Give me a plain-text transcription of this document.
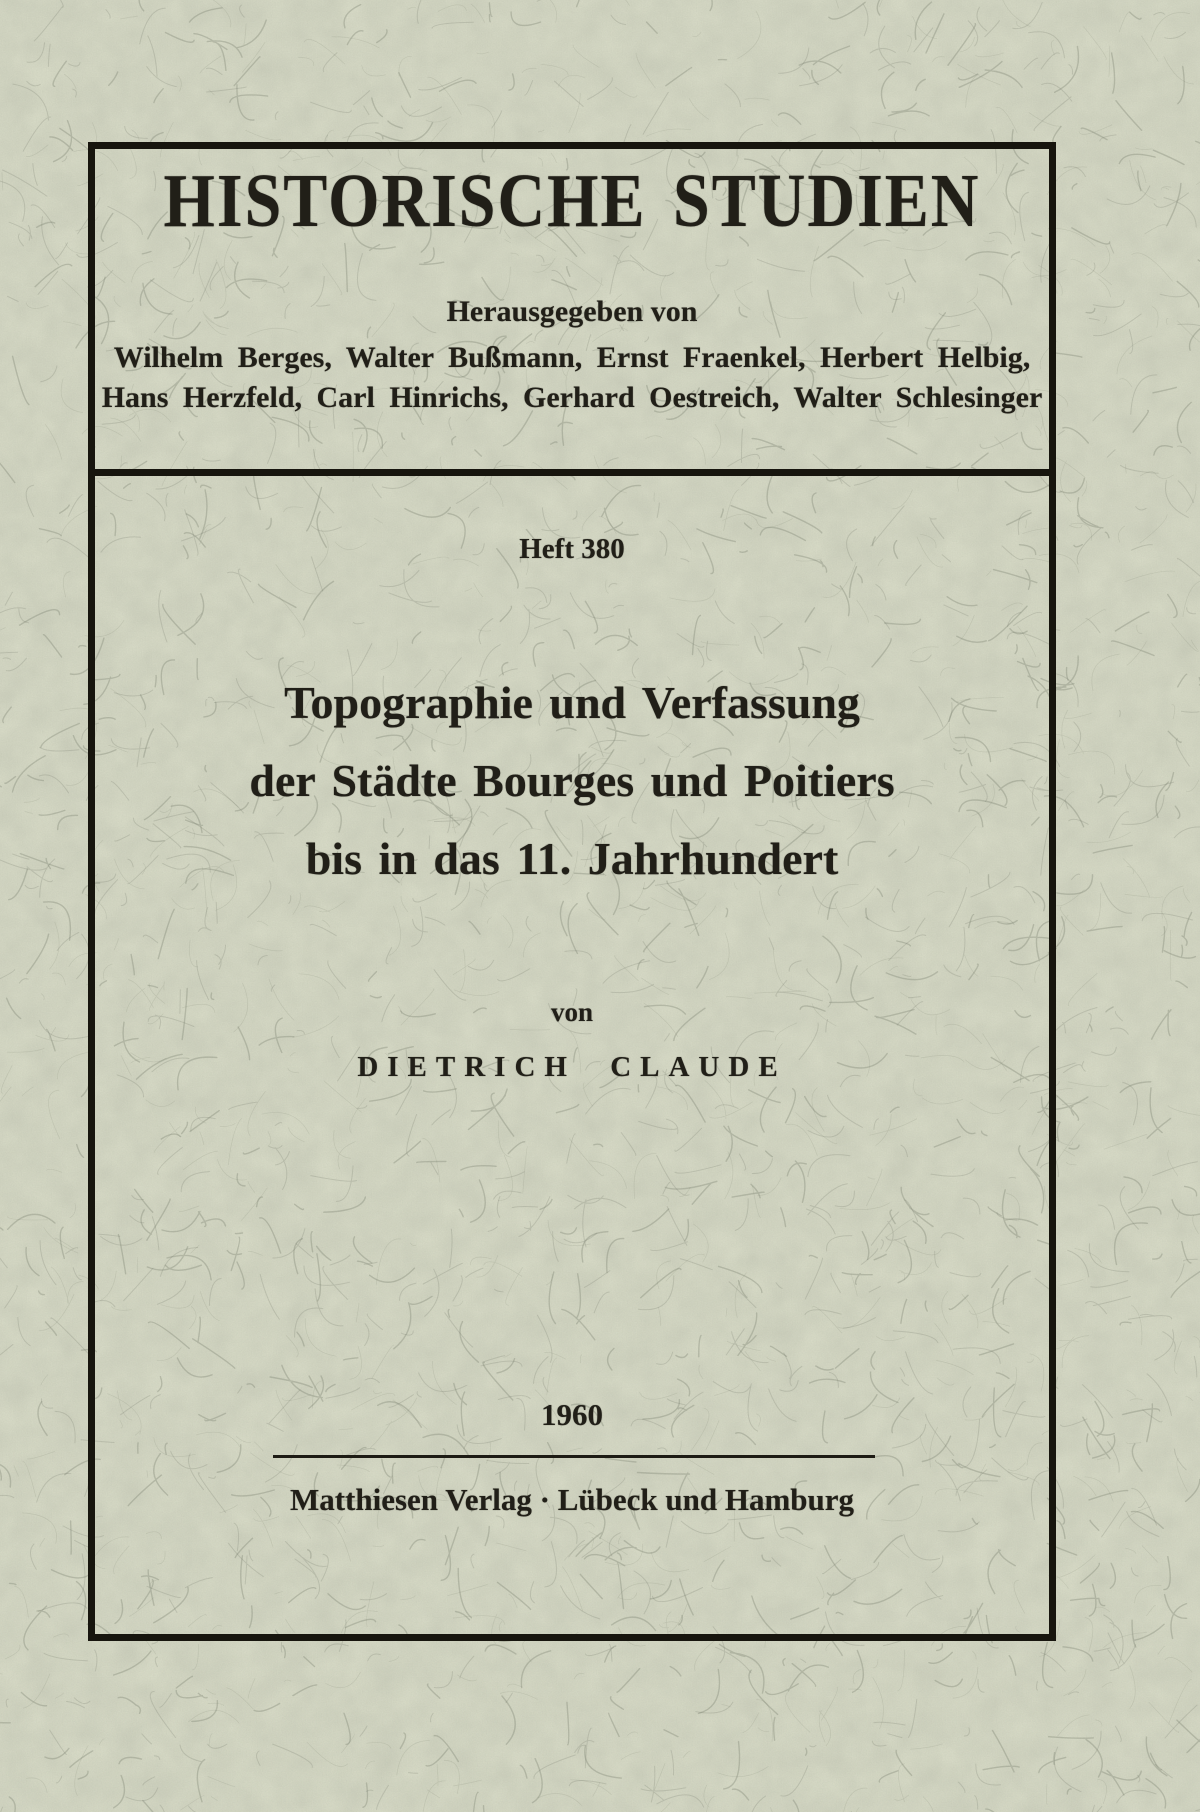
HISTORISCHE STUDIEN
Herausgegeben von
Wilhelm Berges, Walter Bußmann, Ernst Fraenkel, Herbert Helbig,
Hans Herzfeld, Carl Hinrichs, Gerhard Oestreich, Walter Schlesinger
Heft 380
Topographie und Verfassung
der Städte Bourges und Poitiers
bis in das 11. Jahrhundert
von
DIETRICH CLAUDE
1960
Matthiesen Verlag · Lübeck und Hamburg
